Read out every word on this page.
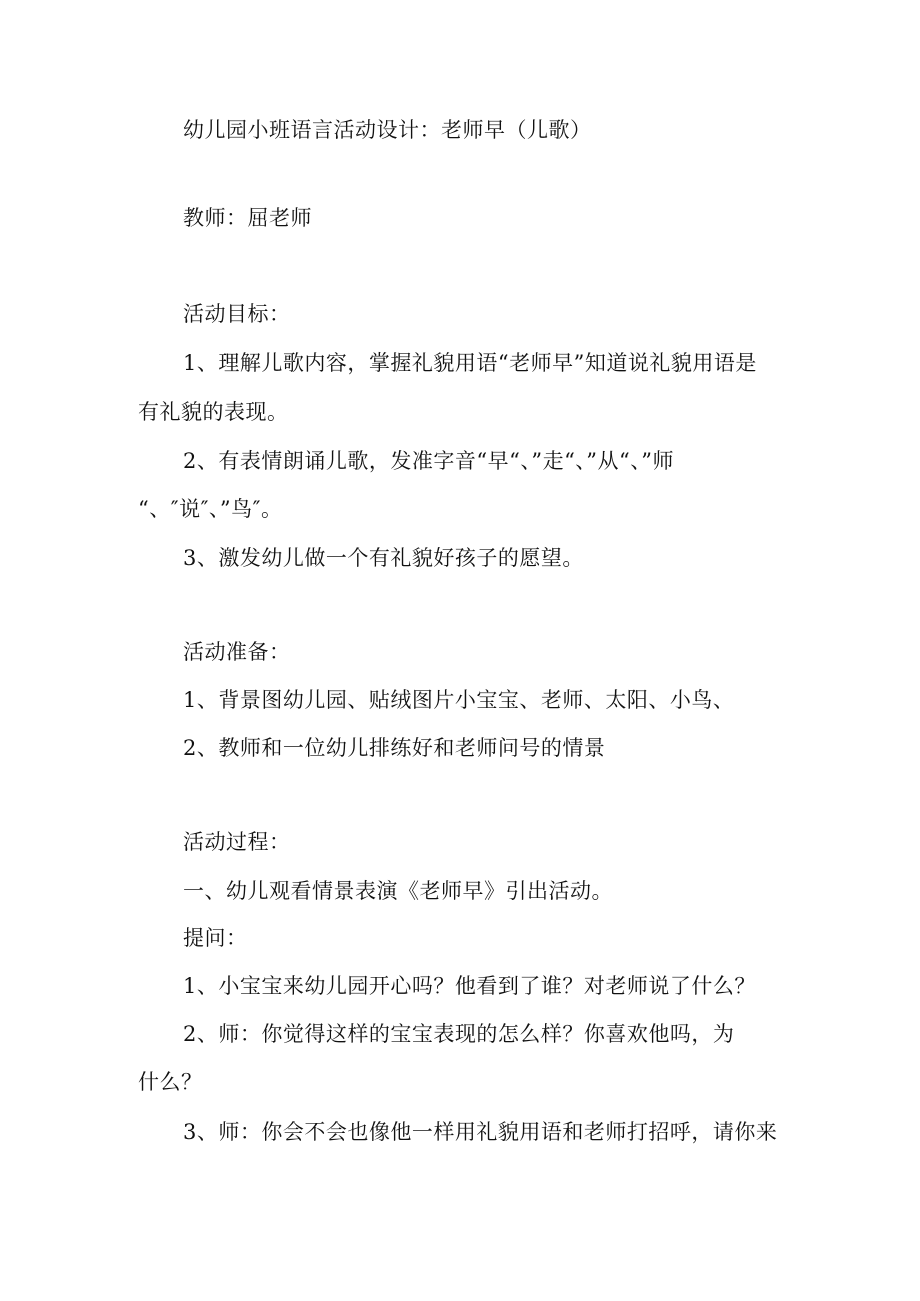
幼儿园小班语言活动设计：老师早（儿歌）
教师：屈老师
活动目标：
1、理解儿歌内容，掌握礼貌用语“老师早”知道说礼貌用语是
有礼貌的表现。
2、有表情朗诵儿歌，发准字音“早“、”走“、”从“、”师
“、″说″、”鸟″。
3、激发幼儿做一个有礼貌好孩子的愿望。
活动准备：
1、背景图幼儿园、贴绒图片小宝宝、老师、太阳、小鸟、
2、教师和一位幼儿排练好和老师问号的情景
活动过程：
一、幼儿观看情景表演《老师早》引出活动。
提问：
1、小宝宝来幼儿园开心吗？他看到了谁？对老师说了什么？
2、师：你觉得这样的宝宝表现的怎么样？你喜欢他吗，为
什么？
3、师：你会不会也像他一样用礼貌用语和老师打招呼，请你来
